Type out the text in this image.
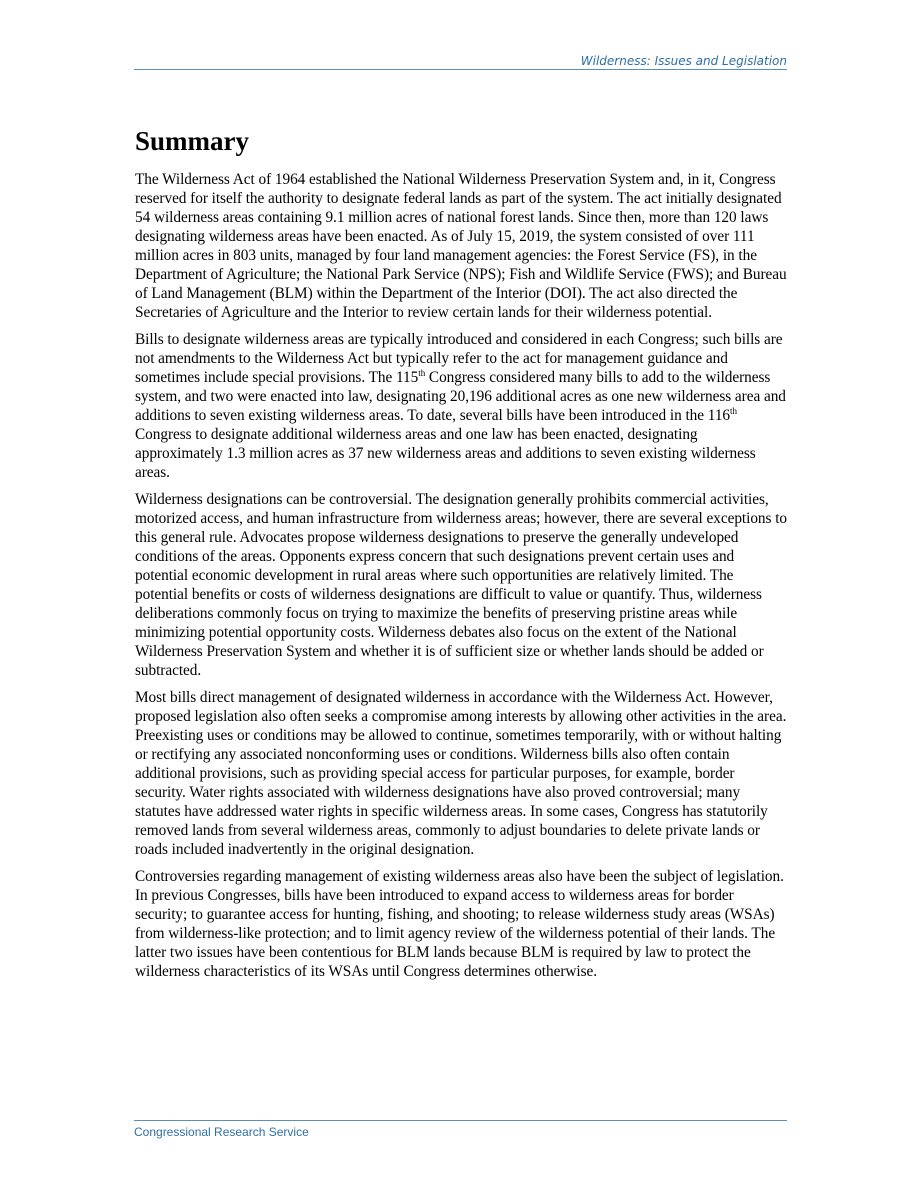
Wilderness: Issues and Legislation
Summary

The Wilderness Act of 1964 established the National Wilderness Preservation System and, in it, Congress reserved for itself the authority to designate federal lands as part of the system. The act initially designated 54 wilderness areas containing 9.1 million acres of national forest lands. Since then, more than 120 laws designating wilderness areas have been enacted. As of July 15, 2019, the system consisted of over 111 million acres in 803 units, managed by four land management agencies: the Forest Service (FS), in the Department of Agriculture; the National Park Service (NPS); Fish and Wildlife Service (FWS); and Bureau of Land Management (BLM) within the Department of the Interior (DOI). The act also directed the Secretaries of Agriculture and the Interior to review certain lands for their wilderness potential.

Bills to designate wilderness areas are typically introduced and considered in each Congress; such bills are not amendments to the Wilderness Act but typically refer to the act for management guidance and sometimes include special provisions. The 115th Congress considered many bills to add to the wilderness system, and two were enacted into law, designating 20,196 additional acres as one new wilderness area and additions to seven existing wilderness areas. To date, several bills have been introduced in the 116th Congress to designate additional wilderness areas and one law has been enacted, designating approximately 1.3 million acres as 37 new wilderness areas and additions to seven existing wilderness areas.

Wilderness designations can be controversial. The designation generally prohibits commercial activities, motorized access, and human infrastructure from wilderness areas; however, there are several exceptions to this general rule. Advocates propose wilderness designations to preserve the generally undeveloped conditions of the areas. Opponents express concern that such designations prevent certain uses and potential economic development in rural areas where such opportunities are relatively limited. The potential benefits or costs of wilderness designations are difficult to value or quantify. Thus, wilderness deliberations commonly focus on trying to maximize the benefits of preserving pristine areas while minimizing potential opportunity costs. Wilderness debates also focus on the extent of the National Wilderness Preservation System and whether it is of sufficient size or whether lands should be added or subtracted.

Most bills direct management of designated wilderness in accordance with the Wilderness Act. However, proposed legislation also often seeks a compromise among interests by allowing other activities in the area. Preexisting uses or conditions may be allowed to continue, sometimes temporarily, with or without halting or rectifying any associated nonconforming uses or conditions. Wilderness bills also often contain additional provisions, such as providing special access for particular purposes, for example, border security. Water rights associated with wilderness designations have also proved controversial; many statutes have addressed water rights in specific wilderness areas. In some cases, Congress has statutorily removed lands from several wilderness areas, commonly to adjust boundaries to delete private lands or roads included inadvertently in the original designation.

Controversies regarding management of existing wilderness areas also have been the subject of legislation. In previous Congresses, bills have been introduced to expand access to wilderness areas for border security; to guarantee access for hunting, fishing, and shooting; to release wilderness study areas (WSAs) from wilderness-like protection; and to limit agency review of the wilderness potential of their lands. The latter two issues have been contentious for BLM lands because BLM is required by law to protect the wilderness characteristics of its WSAs until Congress determines otherwise.

Congressional Research Service
